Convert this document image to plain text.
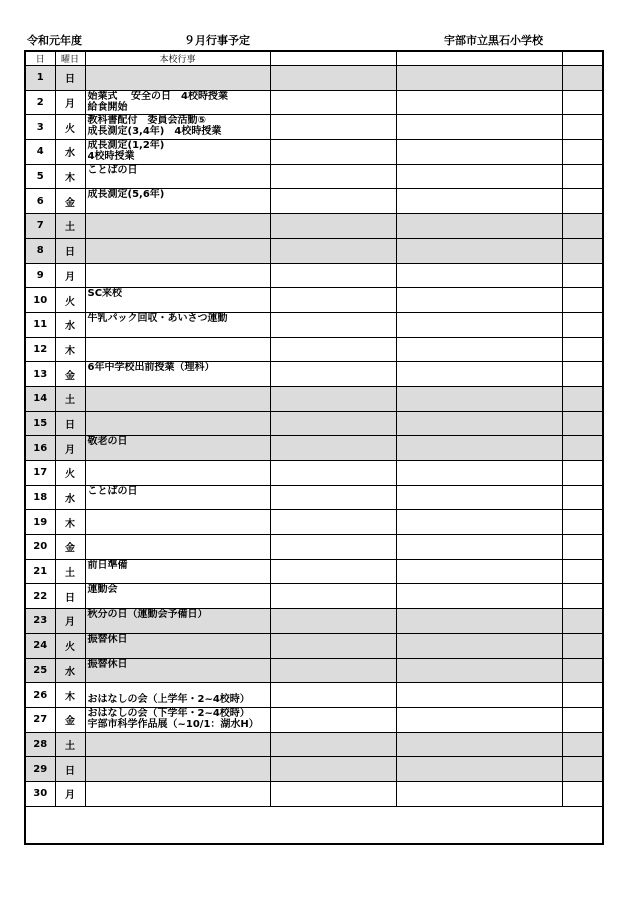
令和元年度	９月行事予定	宇部市立黒石小学校
日	曜日	本校行事			
1	日				
2	月	始業式　 安全の日　4校時授業
給食開始			

3	火	教科書配付　委員会活動⑤
成長測定(3,4年)　4校時授業			

4	水	成長測定(1,2年)
4校時授業			

5	木	ことばの日			

6	金	成長測定(5,6年)			

7	土				
8	日				
9	月				
10	火	SC来校			

11	水	牛乳パック回収・あいさつ運動			

12	木				
13	金	6年中学校出前授業（理科）			

14	土				
15	日				
16	月	敬老の日			

17	火				
18	水	ことばの日			

19	木				
20	金				
21	土	前日準備			

22	日	運動会			

23	月	秋分の日（運動会予備日）			

24	火	振替休日			

25	水	振替休日			

26	木	おはなしの会（上学年・2~4校時）			

27	金	おはなしの会（下学年・2~4校時）
宇部市科学作品展（~10/1：湖水H）			

28	土				
29	日				
30	月				
